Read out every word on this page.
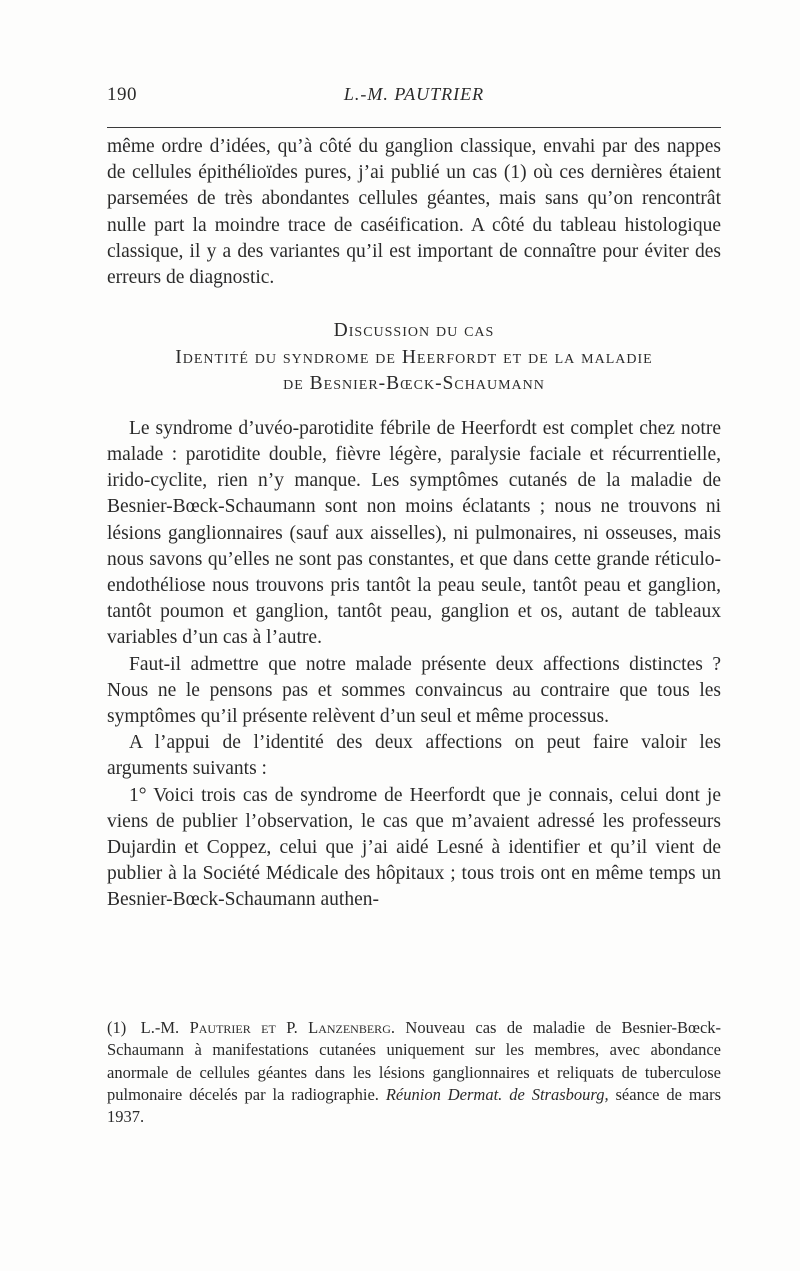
190	L.-M. PAUTRIER

même ordre d’idées, qu’à côté du ganglion classique, envahi par des nappes de cellules épithélioïdes pures, j’ai publié un cas (1) où ces dernières étaient parsemées de très abondantes cellules géantes, mais sans qu’on rencontrât nulle part la moindre trace de caséification. A côté du tableau histologique classique, il y a des variantes qu’il est important de connaître pour éviter des erreurs de diagnostic.

Discussion du cas

Identité du syndrome de Heerfordt et de la maladie

de Besnier-Bœck-Schaumann

Le syndrome d’uvéo-parotidite fébrile de Heerfordt est complet chez notre malade : parotidite double, fièvre légère, paralysie faciale et récurrentielle, irido-cyclite, rien n’y manque. Les symptômes cutanés de la maladie de Besnier-Bœck-Schaumann sont non moins éclatants ; nous ne trouvons ni lésions ganglionnaires (sauf aux aisselles), ni pulmonaires, ni osseuses, mais nous savons qu’elles ne sont pas constantes, et que dans cette grande réticulo-endothéliose nous trouvons pris tantôt la peau seule, tantôt peau et ganglion, tantôt poumon et ganglion, tantôt peau, ganglion et os, autant de tableaux variables d’un cas à l’autre.

Faut-il admettre que notre malade présente deux affections distinctes ? Nous ne le pensons pas et sommes convaincus au contraire que tous les symptômes qu’il présente relèvent d’un seul et même processus.

A l’appui de l’identité des deux affections on peut faire valoir les arguments suivants :

1° Voici trois cas de syndrome de Heerfordt que je connais, celui dont je viens de publier l’observation, le cas que m’avaient adressé les professeurs Dujardin et Coppez, celui que j’ai aidé Lesné à identifier et qu’il vient de publier à la Société Médicale des hôpitaux ; tous trois ont en même temps un Besnier-Bœck-Schaumann authen-

(1) L.-M. Pautrier et P. Lanzenberg. Nouveau cas de maladie de Besnier-Bœck-Schaumann à manifestations cutanées uniquement sur les membres, avec abondance anormale de cellules géantes dans les lésions ganglionnaires et reliquats de tuberculose pulmonaire décelés par la radiographie. Réunion Dermat. de Strasbourg, séance de mars 1937.
